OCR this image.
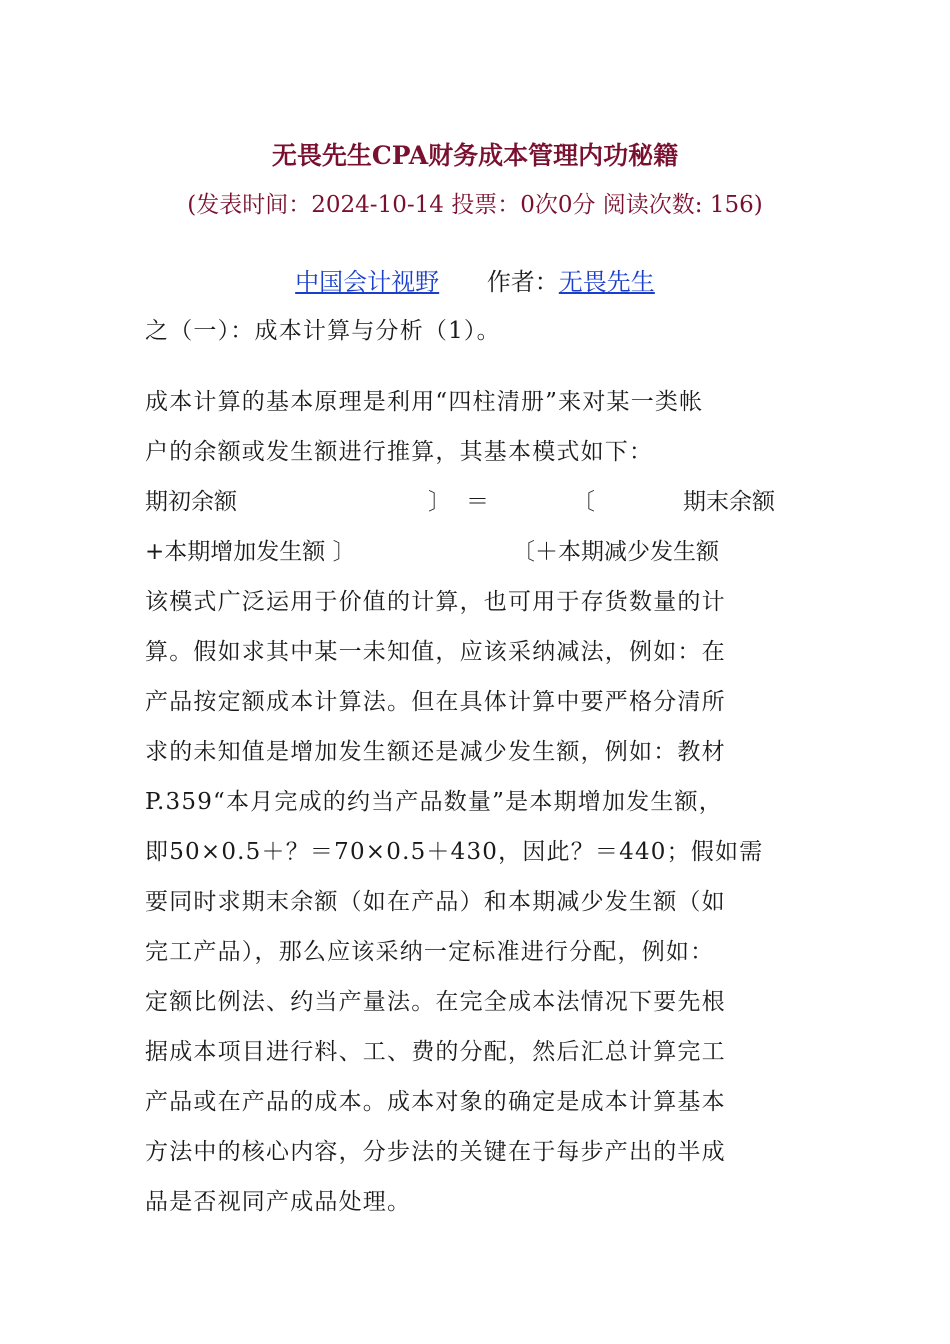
无畏先生CPA财务成本管理内功秘籍
(发表时间：2024-10-14 投票：0次0分 阅读次数: 156)
中国会计视野 作者：无畏先生
之（一）：成本计算与分析（1）。
成本计算的基本原理是利用“四柱清册”来对某一类帐
户的余额或发生额进行推算，其基本模式如下：
期初余额	〕 ＝	〔	期末余额
+本期增加发生额 〕	〔＋本期减少发生额
该模式广泛运用于价值的计算，也可用于存货数量的计
算。假如求其中某一未知值，应该采纳减法，例如：在
产品按定额成本计算法。但在具体计算中要严格分清所
求的未知值是增加发生额还是减少发生额，例如：教材
P.359“本月完成的约当产品数量”是本期增加发生额，
即50×0.5＋？＝70×0.5＋430，因此？＝440；假如需
要同时求期末余额（如在产品）和本期减少发生额（如
完工产品），那么应该采纳一定标准进行分配，例如：
定额比例法、约当产量法。在完全成本法情况下要先根
据成本项目进行料、工、费的分配，然后汇总计算完工
产品或在产品的成本。成本对象的确定是成本计算基本
方法中的核心内容，分步法的关键在于每步产出的半成
品是否视同产成品处理。
